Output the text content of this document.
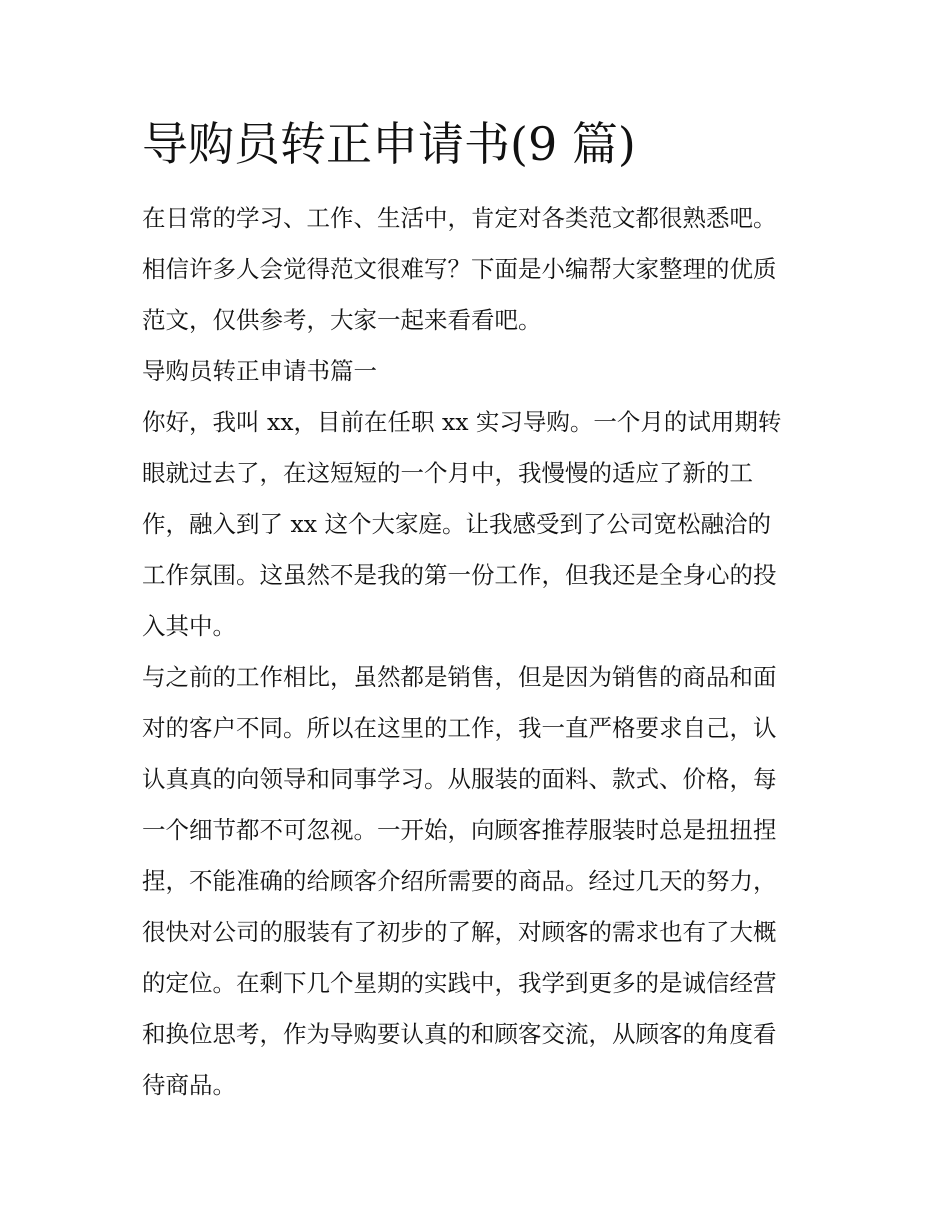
导购员转正申请书(9 篇)

在日常的学习、工作、生活中，肯定对各类范文都很熟悉吧。

相信许多人会觉得范文很难写？下面是小编帮大家整理的优质

范文，仅供参考，大家一起来看看吧。

导购员转正申请书篇一

你好，我叫 xx，目前在任职 xx 实习导购。一个月的试用期转

眼就过去了，在这短短的一个月中，我慢慢的适应了新的工

作，融入到了 xx 这个大家庭。让我感受到了公司宽松融洽的

工作氛围。这虽然不是我的第一份工作，但我还是全身心的投

入其中。

与之前的工作相比，虽然都是销售，但是因为销售的商品和面

对的客户不同。所以在这里的工作，我一直严格要求自己，认

认真真的向领导和同事学习。从服装的面料、款式、价格，每

一个细节都不可忽视。一开始，向顾客推荐服装时总是扭扭捏

捏，不能准确的给顾客介绍所需要的商品。经过几天的努力，

很快对公司的服装有了初步的了解，对顾客的需求也有了大概

的定位。在剩下几个星期的实践中，我学到更多的是诚信经营

和换位思考，作为导购要认真的和顾客交流，从顾客的角度看

待商品。
